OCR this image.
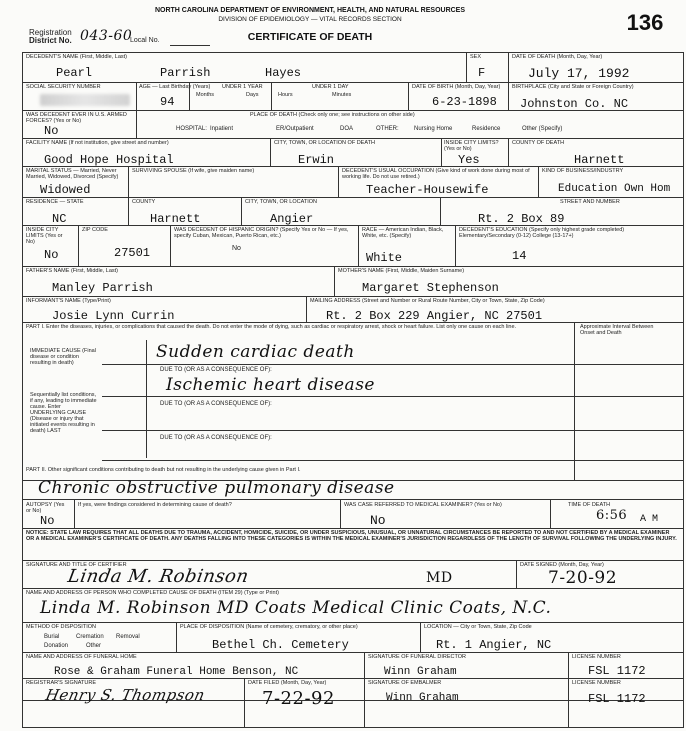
NORTH CAROLINA DEPARTMENT OF ENVIRONMENT, HEALTH, AND NATURAL RESOURCES
DIVISION OF EPIDEMIOLOGY — VITAL RECORDS SECTION
CERTIFICATE OF DEATH
Registration
District No. 043-60
Local No.
136
DECEDENT'S NAME (First, Middle, Last)
Pearl	Parrish	Hayes
SEX
F
DATE OF DEATH (Month, Day, Year)
July 17, 1992
SOCIAL SECURITY NUMBER	AGE — Last Birthday (Years)
94
UNDER 1 YEAR
Months	Days
UNDER 1 DAY
Hours	Minutes
DATE OF BIRTH (Month, Day, Year)
6-23-1898
BIRTHPLACE (City and State or Foreign Country)
Johnston Co. NC
WAS DECEDENT EVER IN U.S. ARMED FORCES? (Yes or No)
No
PLACE OF DEATH (Check only one; see instructions on other side)
HOSPITAL: Inpatient	ER/Outpatient	DOA	OTHER:	Nursing Home	Residence	Other (Specify)
FACILITY NAME (If not institution, give street and number)
Good Hope Hospital
CITY, TOWN, OR LOCATION OF DEATH
Erwin
INSIDE CITY LIMITS? (Yes or No)
Yes
COUNTY OF DEATH
Harnett
MARITAL STATUS — Married, Never Married, Widowed, Divorced (Specify)
Widowed
SURVIVING SPOUSE (If wife, give maiden name)	DECEDENT'S USUAL OCCUPATION (Give kind of work done during most of working life. Do not use retired.)
Teacher-Housewife
KIND OF BUSINESS/INDUSTRY
Education Own Hom
RESIDENCE — STATE
NC
COUNTY
Harnett
CITY, TOWN, OR LOCATION
Angier
STREET AND NUMBER
Rt. 2 Box 89
INSIDE CITY LIMITS (Yes or No)
No
ZIP CODE
27501
WAS DECEDENT OF HISPANIC ORIGIN? (Specify Yes or No — If yes, specify Cuban, Mexican, Puerto Rican, etc.)
No
RACE — American Indian, Black, White, etc. (Specify)
White
DECEDENT'S EDUCATION (Specify only highest grade completed) Elementary/Secondary (0-12) College (13-17+)
14
FATHER'S NAME (First, Middle, Last)
Manley Parrish
MOTHER'S NAME (First, Middle, Maiden Surname)
Margaret Stephenson
INFORMANT'S NAME (Type/Print)
Josie Lynn Currin
MAILING ADDRESS (Street and Number or Rural Route Number, City or Town, State, Zip Code)
Rt. 2 Box 229 Angier, NC 27501
PART I. Enter the diseases, injuries, or complications that caused the death. Do not enter the mode of dying, such as cardiac or respiratory arrest, shock or heart failure. List only one cause on each line.	Approximate Interval Between Onset and Death
IMMEDIATE CAUSE (Final disease or condition resulting in death)
Sudden cardiac death
DUE TO (OR AS A CONSEQUENCE OF):
Ischemic heart disease
Sequentially list conditions, if any, leading to immediate cause. Enter UNDERLYING CAUSE (Disease or injury that initiated events resulting in death) LAST
DUE TO (OR AS A CONSEQUENCE OF):
DUE TO (OR AS A CONSEQUENCE OF):
PART II. Other significant conditions contributing to death but not resulting in the underlying cause given in Part I.
Chronic obstructive pulmonary disease
AUTOPSY (Yes or No)
No
If yes, were findings considered in determining cause of death?	WAS CASE REFERRED TO MEDICAL EXAMINER? (Yes or No)
No
TIME OF DEATH
6:56 A M
NOTICE: STATE LAW REQUIRES THAT ALL DEATHS DUE TO TRAUMA, ACCIDENT, HOMICIDE, SUICIDE, OR UNDER SUSPICIOUS, UNUSUAL, OR UNNATURAL CIRCUMSTANCES BE REPORTED TO AND NOT CERTIFIED BY A MEDICAL EXAMINER OR A MEDICAL EXAMINER'S CERTIFICATE OF DEATH. ANY DEATHS FALLING INTO THESE CATEGORIES IS WITHIN THE MEDICAL EXAMINER'S JURISDICTION REGARDLESS OF THE LENGTH OF SURVIVAL FOLLOWING THE UNDERLYING INJURY.
SIGNATURE AND TITLE OF CERTIFIER
Linda M. Robinson	MD
DATE SIGNED (Month, Day, Year)
7-20-92
NAME AND ADDRESS OF PERSON WHO COMPLETED CAUSE OF DEATH (ITEM 29) (Type or Print)
Linda M. Robinson MD Coats Medical Clinic Coats, N.C.
METHOD OF DISPOSITION
Burial	Cremation Removal
Donation	Other
PLACE OF DISPOSITION (Name of cemetery, crematory, or other place)
Bethel Ch. Cemetery
LOCATION — City or Town, State, Zip Code
Rt. 1 Angier, NC
NAME AND ADDRESS OF FUNERAL HOME
Rose & Graham Funeral Home Benson, NC
SIGNATURE OF FUNERAL DIRECTOR
Winn Graham
LICENSE NUMBER
FSL 1172
REGISTRAR'S SIGNATURE
Henry S. Thompson
DATE FILED (Month, Day, Year)
7-22-92
SIGNATURE OF EMBALMER
Winn Graham
LICENSE NUMBER
FSL 1172
